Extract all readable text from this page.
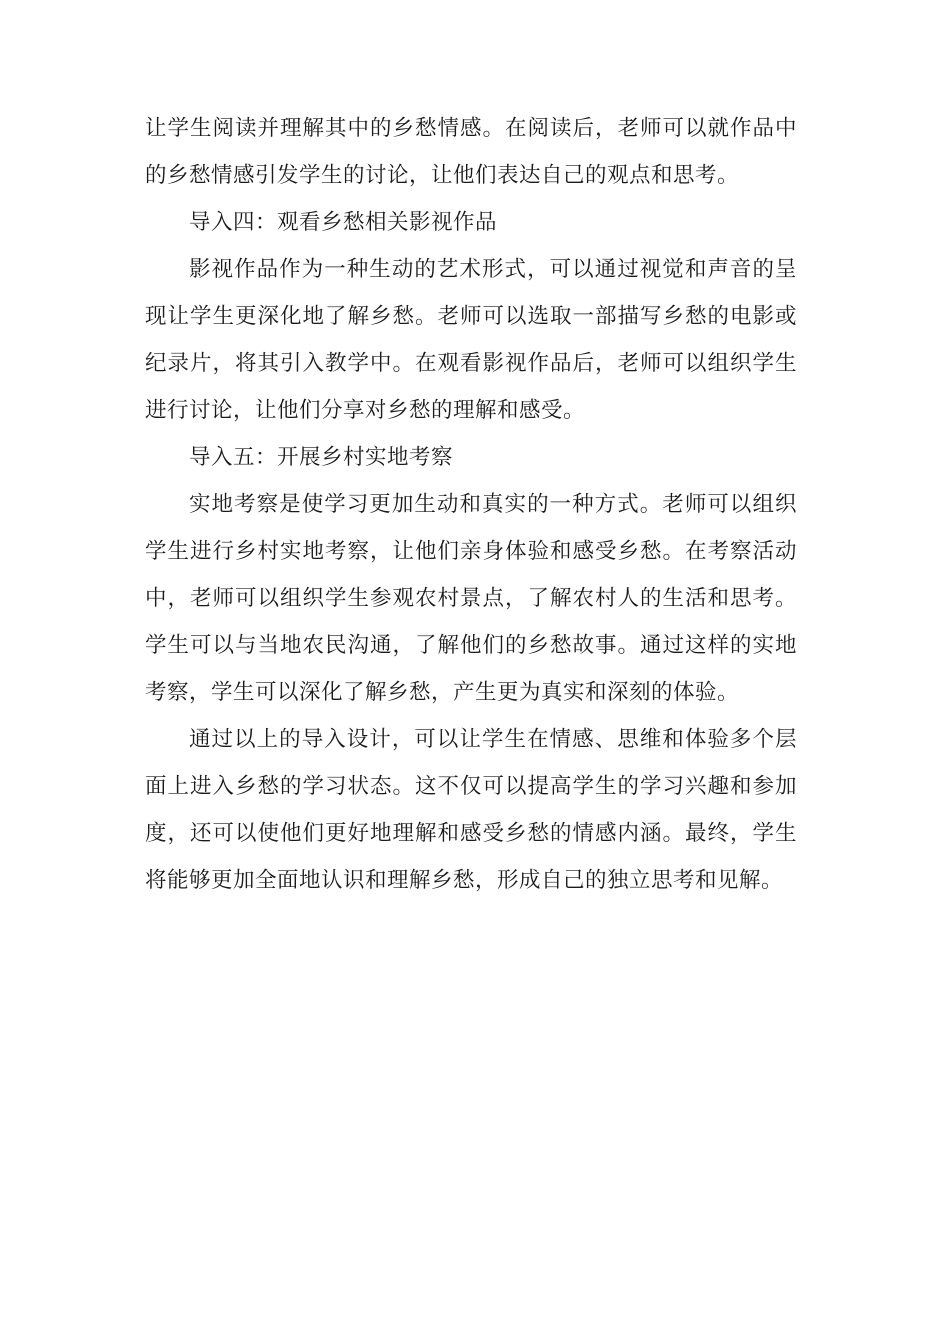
让学生阅读并理解其中的乡愁情感。在阅读后，老师可以就作品中
的乡愁情感引发学生的讨论，让他们表达自己的观点和思考。
导入四：观看乡愁相关影视作品
影视作品作为一种生动的艺术形式，可以通过视觉和声音的呈
现让学生更深化地了解乡愁。老师可以选取一部描写乡愁的电影或
纪录片，将其引入教学中。在观看影视作品后，老师可以组织学生
进行讨论，让他们分享对乡愁的理解和感受。
导入五：开展乡村实地考察
实地考察是使学习更加生动和真实的一种方式。老师可以组织
学生进行乡村实地考察，让他们亲身体验和感受乡愁。在考察活动
中，老师可以组织学生参观农村景点，了解农村人的生活和思考。
学生可以与当地农民沟通，了解他们的乡愁故事。通过这样的实地
考察，学生可以深化了解乡愁，产生更为真实和深刻的体验。
通过以上的导入设计，可以让学生在情感、思维和体验多个层
面上进入乡愁的学习状态。这不仅可以提高学生的学习兴趣和参加
度，还可以使他们更好地理解和感受乡愁的情感内涵。最终，学生
将能够更加全面地认识和理解乡愁，形成自己的独立思考和见解。
